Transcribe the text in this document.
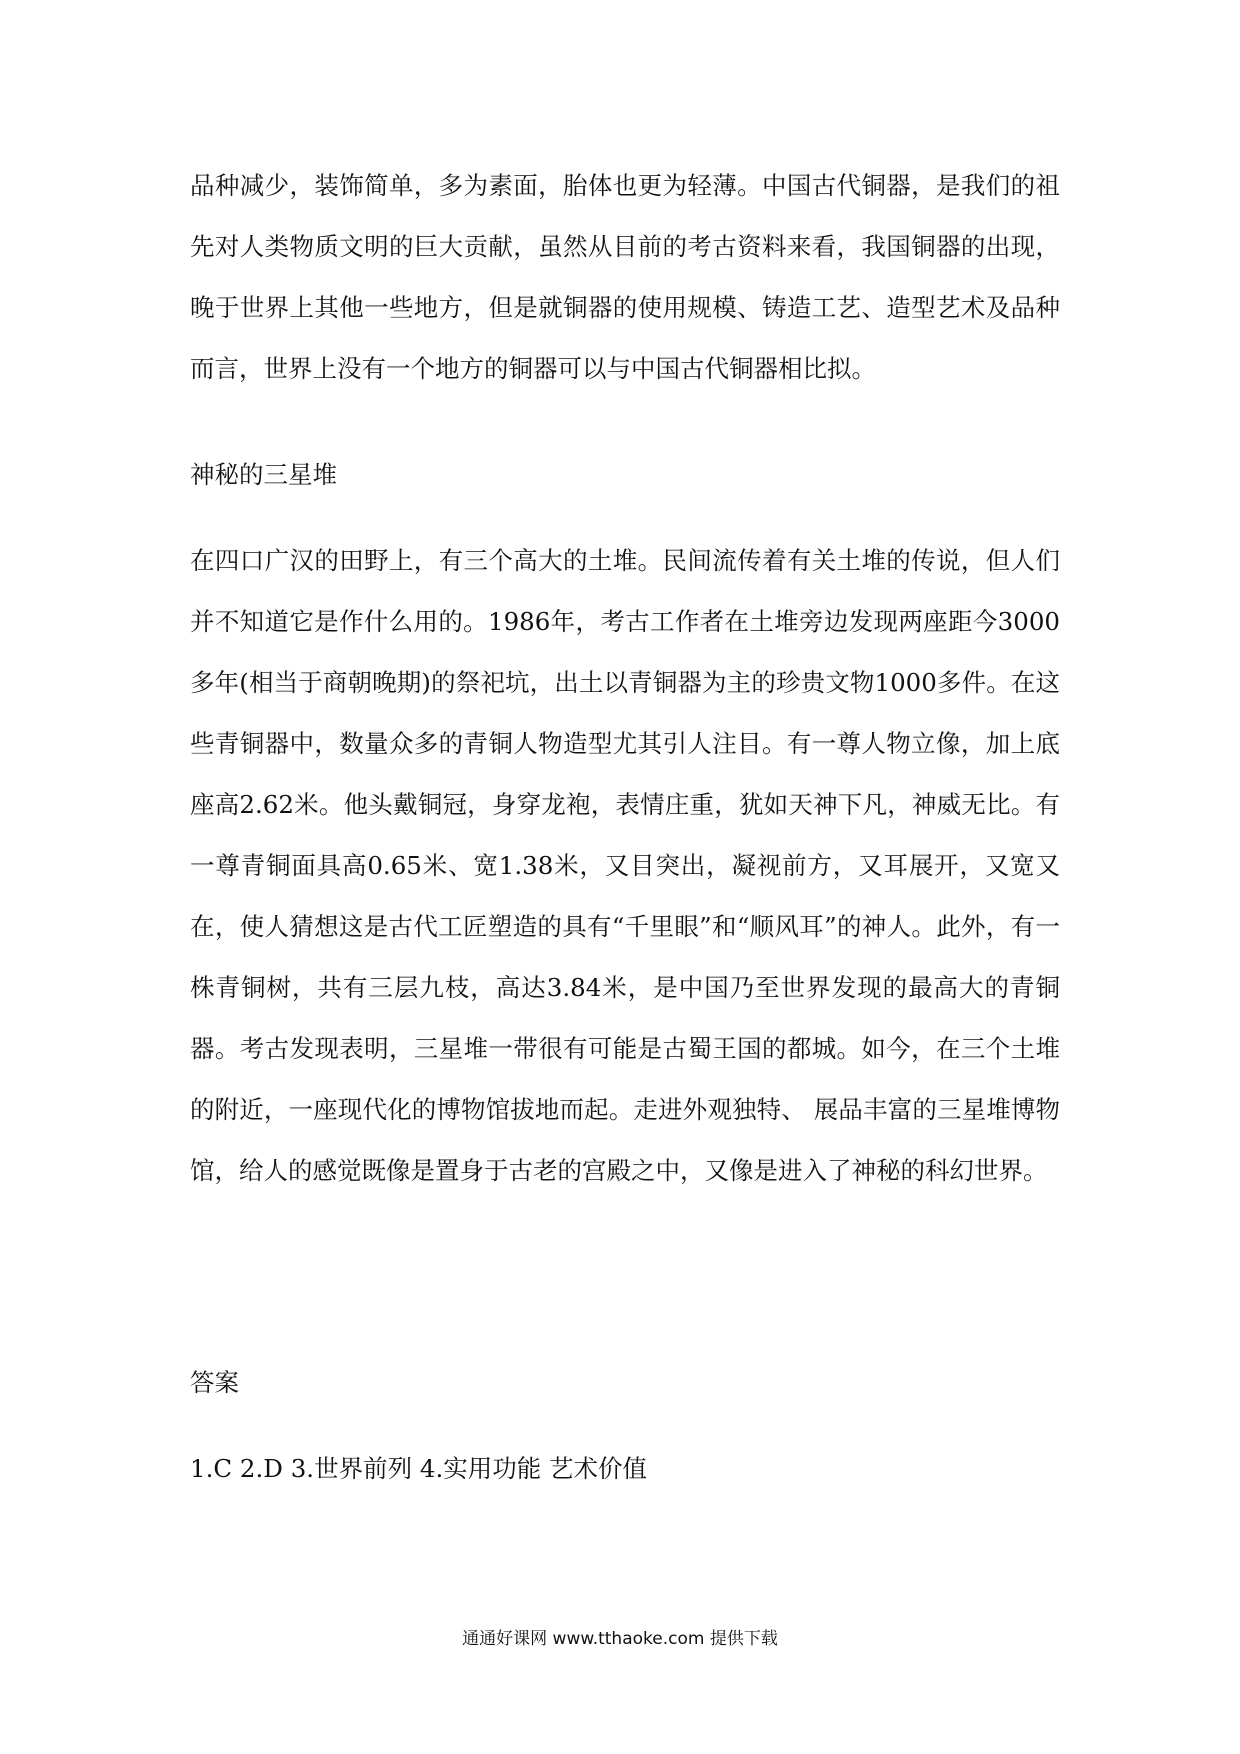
品种减少，装饰简单，多为素面，胎体也更为轻薄。中国古代铜器，是我们的祖先对人类物质文明的巨大贡献，虽然从目前的考古资料来看，我国铜器的出现，晚于世界上其他一些地方，但是就铜器的使用规模、铸造工艺、造型艺术及品种而言，世界上没有一个地方的铜器可以与中国古代铜器相比拟。

神秘的三星堆

在四口广汉的田野上，有三个高大的土堆。民间流传着有关土堆的传说，但人们并不知道它是作什么用的。1986年，考古工作者在土堆旁边发现两座距今3000多年(相当于商朝晚期)的祭祀坑，出土以青铜器为主的珍贵文物1000多件。在这些青铜器中，数量众多的青铜人物造型尤其引人注目。有一尊人物立像，加上底座高2.62米。他头戴铜冠，身穿龙袍，表情庄重，犹如天神下凡，神威无比。有一尊青铜面具高0.65米、宽1.38米，又目突出，凝视前方，又耳展开，又宽又在，使人猜想这是古代工匠塑造的具有“千里眼”和“顺风耳”的神人。此外，有一株青铜树，共有三层九枝，高达3.84米，是中国乃至世界发现的最高大的青铜器。考古发现表明，三星堆一带很有可能是古蜀王国的都城。如今，在三个土堆的附近，一座现代化的博物馆拔地而起。走进外观独特、 展品丰富的三星堆博物馆，给人的感觉既像是置身于古老的宫殿之中，又像是进入了神秘的科幻世界。

答案

1.C 2.D 3.世界前列 4.实用功能 艺术价值

通通好课网 www.tthaoke.com 提供下载
